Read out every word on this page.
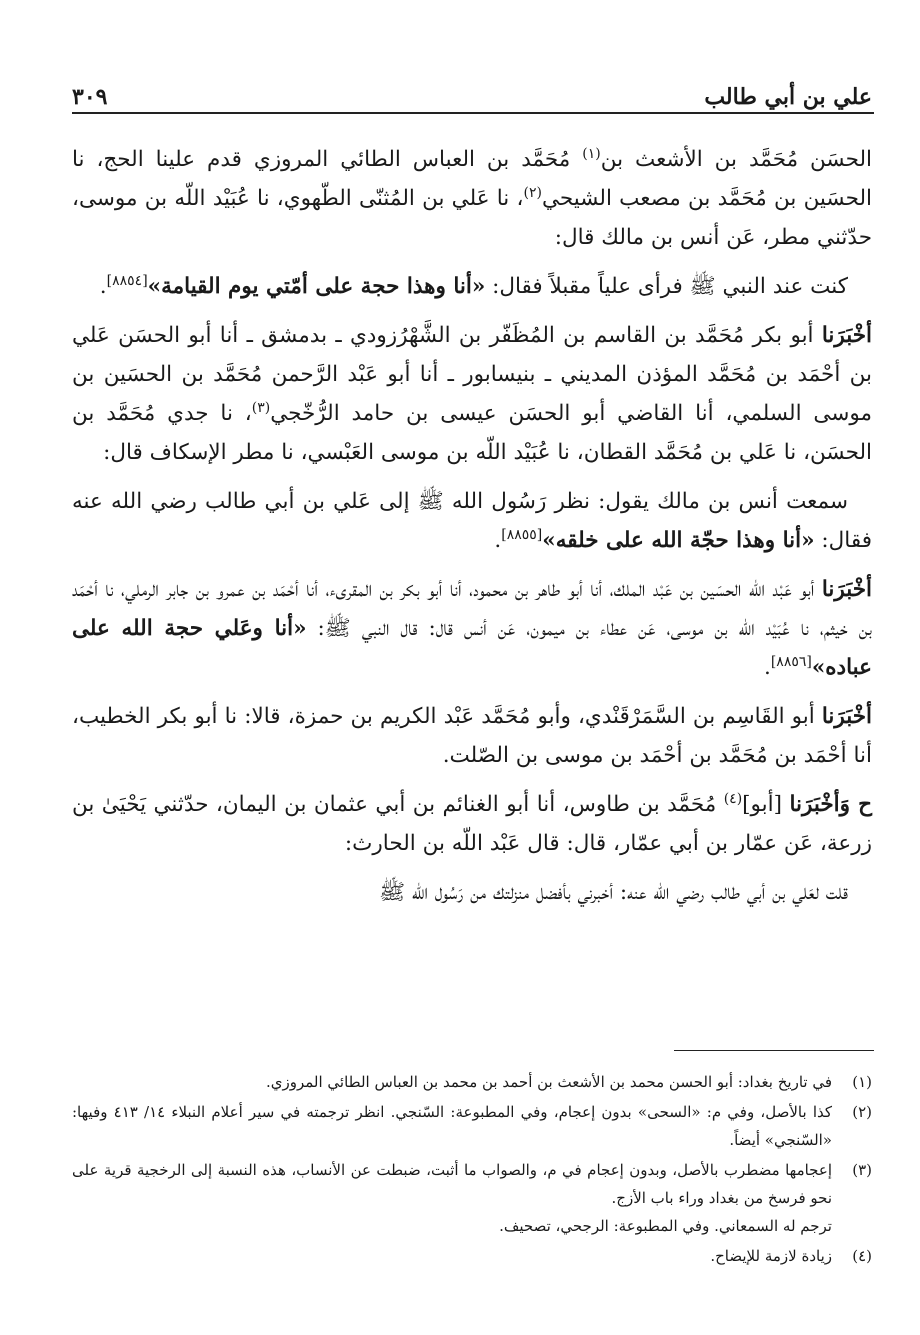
علي بن أبي طالب
٣٠٩

الحسَن مُحَمَّد بن الأشعث بن$^{(١)}$ مُحَمَّد بن العباس الطائي المروزي قدم علينا الحج، نا الحسَين بن مُحَمَّد بن مصعب الشيحي$^{(٢)}$، نا عَلي بن المُثنّى الطّهوي، نا عُبَيْد اللّه بن موسى، حدّثني مطر، عَن أنس بن مالك قال:

كنت عند النبي ﷺ فرأى علياً مقبلاً فقال: «أنا وهذا حجة على أمّتي يوم القيامة»[٨٨٥٤].

أخْبَرَنا أبو بكر مُحَمَّد بن القاسم بن المُظَفّر بن الشَّهْرُزودي ـ بدمشق ـ أنا أبو الحسَن عَلي بن أحْمَد بن مُحَمَّد المؤذن المديني ـ بنيسابور ـ أنا أبو عَبْد الرَّحمن مُحَمَّد بن الحسَين بن موسى السلمي، أنا القاضي أبو الحسَن عيسى بن حامد الرُّخّجي$^{(٣)}$، نا جدي مُحَمَّد بن الحسَن، نا عَلي بن مُحَمَّد القطان، نا عُبَيْد اللّه بن موسى العَبْسي، نا مطر الإسكاف قال:

سمعت أنس بن مالك يقول: نظر رَسُول الله ﷺ إلى عَلي بن أبي طالب رضي الله عنه فقال: «أنا وهذا حجّة الله على خلقه»[٨٨٥٥].

أخْبَرَنا أبو عَبْد اللّه الحسَين بن عَبْد الملك، أنا أبو طاهر بن محمود، أنا أبو بكر بن المقرىء، أنا أحْمَد بن عمرو بن جابر الرملي، نا أحْمَد بن خيثم، نا عُبَيْد اللّه بن موسى، عَن عطاء بن ميمون، عَن أنس قال: قال النبي ﷺ: «أنا وعَلي حجة الله على عباده»[٨٨٥٦].

أخْبَرَنا أبو القَاسِم بن السَّمَرْقَنْدي، وأبو مُحَمَّد عَبْد الكريم بن حمزة، قالا: نا أبو بكر الخطيب، أنا أحْمَد بن مُحَمَّد بن أحْمَد بن موسى بن الصّلت.

ح وَأخْبَرَنا [أبو]$^{(٤)}$ مُحَمَّد بن طاوس، أنا أبو الغنائم بن أبي عثمان بن اليمان، حدّثني يَحْيَىٰ بن زرعة، عَن عمّار بن أبي عمّار، قال: قال عَبْد اللّه بن الحارث:

قلت لعَلي بن أبي طالب رضي الله عنه: أخبرني بأفضل منزلتك من رَسُول الله ﷺ

(١)
في تاريخ بغداد: أبو الحسن محمد بن الأشعث بن أحمد بن محمد بن العباس الطائي المروزي.
(٢)
كذا بالأصل، وفي م: «السحى» بدون إعجام، وفي المطبوعة: السّنجي. انظر ترجمته في سير أعلام النبلاء ١٤/ ٤١٣ وفيها: «السّنجي» أيضاً.
(٣)
إعجامها مضطرب بالأصل، وبدون إعجام في م، والصواب ما أثبت، ضبطت عن الأنساب، هذه النسبة إلى الرخجية قرية على نحو فرسخ من بغداد وراء باب الأزج.
ترجم له السمعاني. وفي المطبوعة: الرجحي، تصحيف.
(٤)
زيادة لازمة للإيضاح.
